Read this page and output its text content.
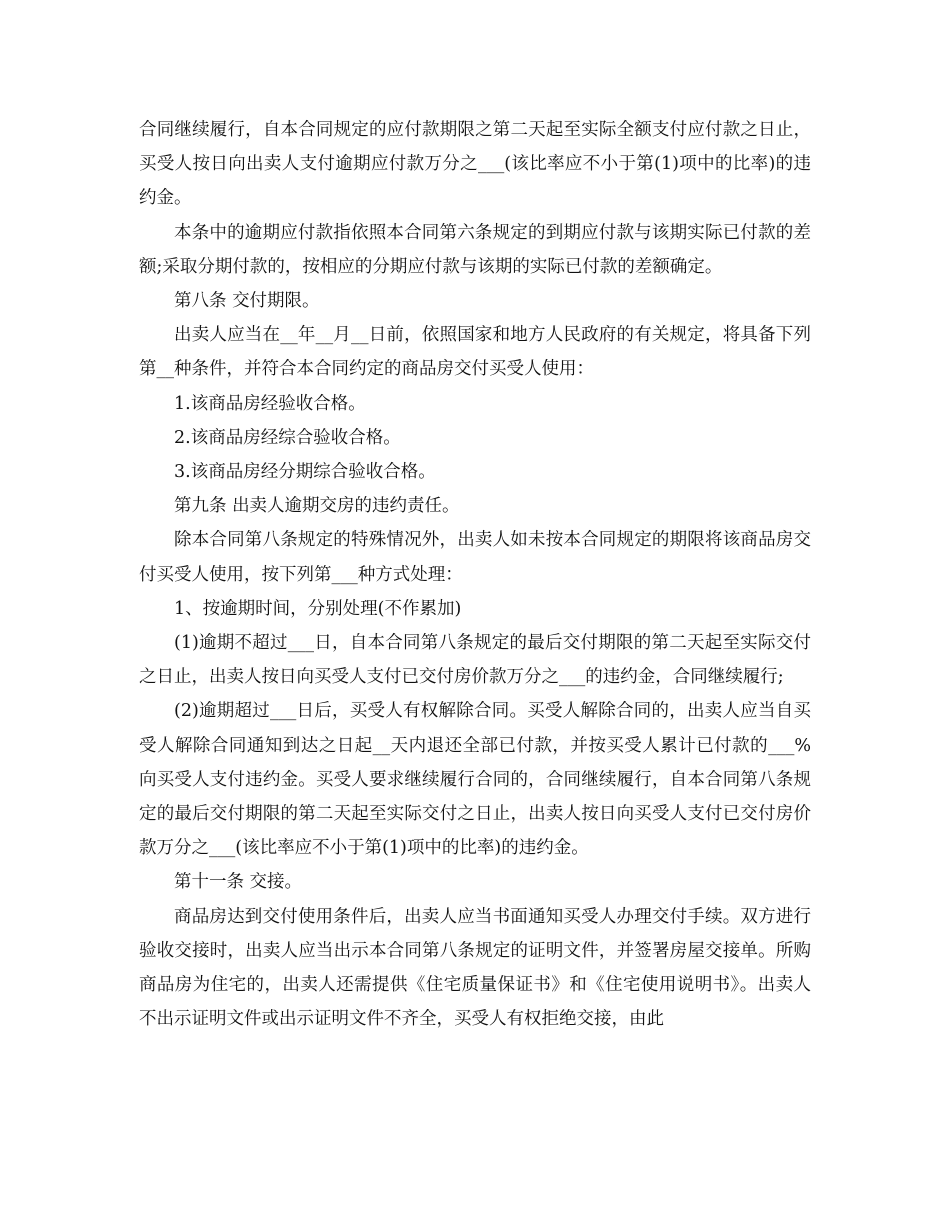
合同继续履行，自本合同规定的应付款期限之第二天起至实际全额支付应付款之日止，买受人按日向出卖人支付逾期应付款万分之___(该比率应不小于第(1)项中的比率)的违约金。

本条中的逾期应付款指依照本合同第六条规定的到期应付款与该期实际已付款的差额;采取分期付款的，按相应的分期应付款与该期的实际已付款的差额确定。

第八条 交付期限。

出卖人应当在__年__月__日前，依照国家和地方人民政府的有关规定，将具备下列第__种条件，并符合本合同约定的商品房交付买受人使用：

1.该商品房经验收合格。

2.该商品房经综合验收合格。

3.该商品房经分期综合验收合格。

第九条 出卖人逾期交房的违约责任。

除本合同第八条规定的特殊情况外，出卖人如未按本合同规定的期限将该商品房交付买受人使用，按下列第___种方式处理：

1、按逾期时间，分别处理(不作累加)

(1)逾期不超过___日，自本合同第八条规定的最后交付期限的第二天起至实际交付之日止，出卖人按日向买受人支付已交付房价款万分之___的违约金，合同继续履行;

(2)逾期超过___日后，买受人有权解除合同。买受人解除合同的，出卖人应当自买受人解除合同通知到达之日起__天内退还全部已付款，并按买受人累计已付款的___%向买受人支付违约金。买受人要求继续履行合同的，合同继续履行，自本合同第八条规定的最后交付期限的第二天起至实际交付之日止，出卖人按日向买受人支付已交付房价款万分之___(该比率应不小于第(1)项中的比率)的违约金。

第十一条 交接。

商品房达到交付使用条件后，出卖人应当书面通知买受人办理交付手续。双方进行验收交接时，出卖人应当出示本合同第八条规定的证明文件，并签署房屋交接单。所购商品房为住宅的，出卖人还需提供《住宅质量保证书》和《住宅使用说明书》。出卖人不出示证明文件或出示证明文件不齐全，买受人有权拒绝交接，由此
